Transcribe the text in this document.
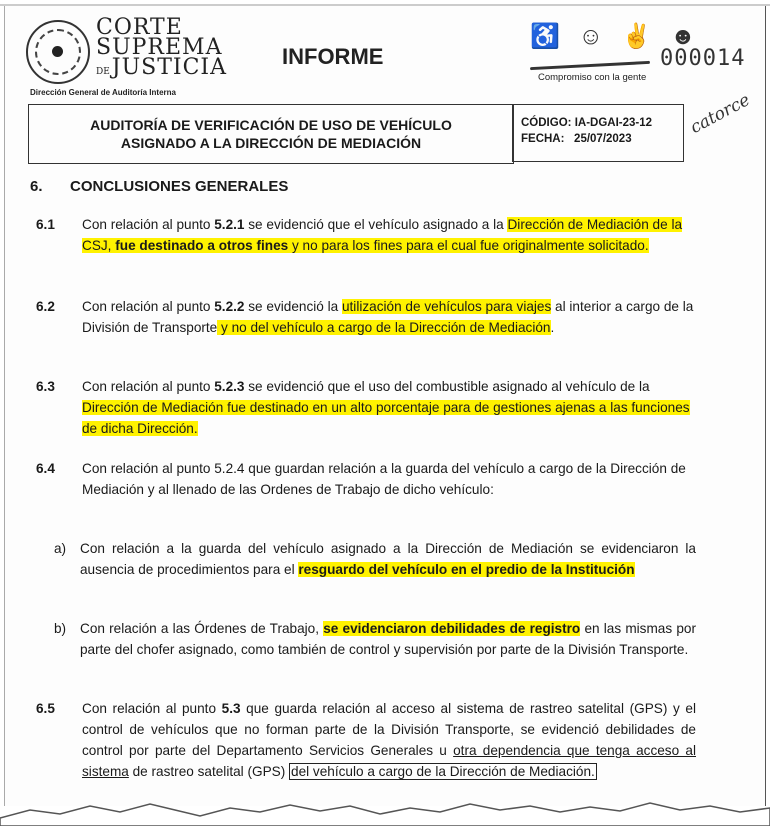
CORTE
SUPREMA
DEJUSTICIA
Dirección General de Auditoría Interna
INFORME
♿ ☺ ✌ ☻
Compromiso con la gente
000014
catorce
AUDITORÍA DE VERIFICACIÓN DE USO DE VEHÍCULO
ASIGNADO A LA DIRECCIÓN DE MEDIACIÓN
CÓDIGO: IA-DGAI-23-12
FECHA: 25/07/2023
6. CONCLUSIONES GENERALES
6.1 Con relación al punto 5.2.1 se evidenció que el vehículo asignado a la Dirección de Mediación de la CSJ, fue destinado a otros fines y no para los fines para el cual fue originalmente solicitado.
6.2 Con relación al punto 5.2.2 se evidenció la utilización de vehículos para viajes al interior a cargo de la División de Transporte y no del vehículo a cargo de la Dirección de Mediación.
6.3 Con relación al punto 5.2.3 se evidenció que el uso del combustible asignado al vehículo de la Dirección de Mediación fue destinado en un alto porcentaje para de gestiones ajenas a las funciones de dicha Dirección.
6.4 Con relación al punto 5.2.4 que guardan relación a la guarda del vehículo a cargo de la Dirección de Mediación y al llenado de las Ordenes de Trabajo de dicho vehículo:
a) Con relación a la guarda del vehículo asignado a la Dirección de Mediación se evidenciaron la ausencia de procedimientos para el resguardo del vehículo en el predio de la Institución
b) Con relación a las Órdenes de Trabajo, se evidenciaron debilidades de registro en las mismas por parte del chofer asignado, como también de control y supervisión por parte de la División Transporte.
6.5 Con relación al punto 5.3 que guarda relación al acceso al sistema de rastreo satelital (GPS) y el control de vehículos que no forman parte de la División Transporte, se evidenció debilidades de control por parte del Departamento Servicios Generales u otra dependencia que tenga acceso al sistema de rastreo satelital (GPS) del vehículo a cargo de la Dirección de Mediación.
